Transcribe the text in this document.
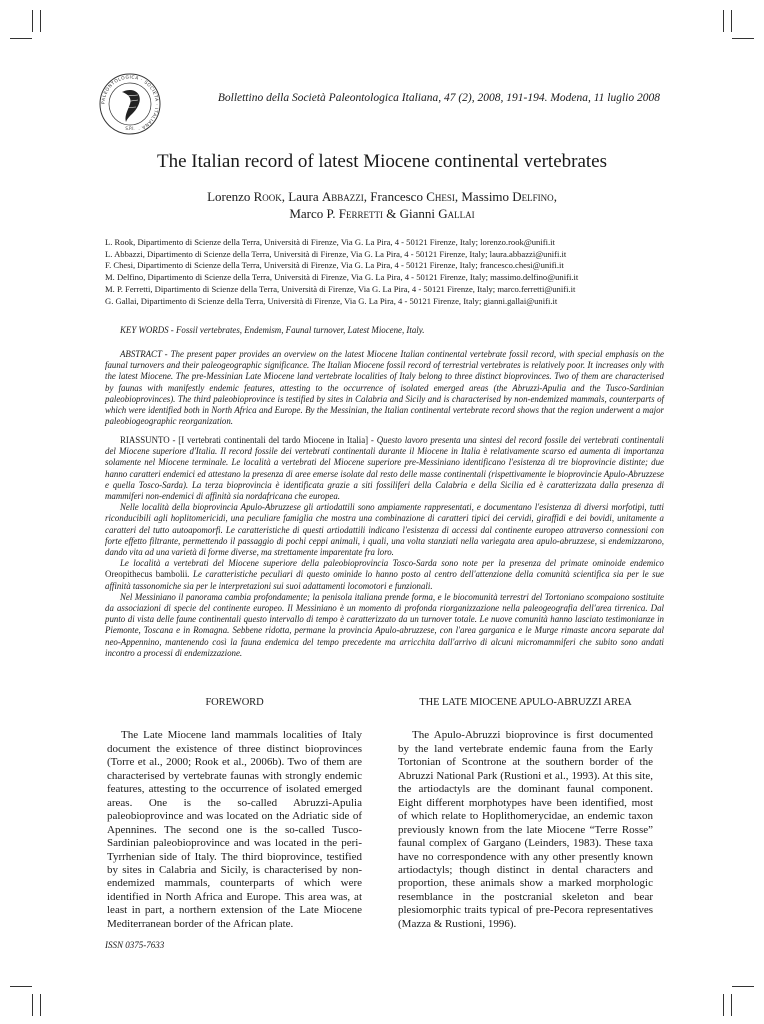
PALEONTOLOGICA · SOCIETA · ITALIANA ·
S.P.I.
Bollettino della Società Paleontologica Italiana, 47 (2), 2008, 191-194. Modena, 11 luglio 2008
The Italian record of latest Miocene continental vertebrates
Lorenzo Rook, Laura Abbazzi, Francesco Chesi, Massimo Delfino,
Marco P. Ferretti & Gianni Gallai
L. Rook, Dipartimento di Scienze della Terra, Università di Firenze, Via G. La Pira, 4 - 50121 Firenze, Italy; lorenzo.rook@unifi.it
L. Abbazzi, Dipartimento di Scienze della Terra, Università di Firenze, Via G. La Pira, 4 - 50121 Firenze, Italy; laura.abbazzi@unifi.it
F. Chesi, Dipartimento di Scienze della Terra, Università di Firenze, Via G. La Pira, 4 - 50121 Firenze, Italy; francesco.chesi@unifi.it
M. Delfino, Dipartimento di Scienze della Terra, Università di Firenze, Via G. La Pira, 4 - 50121 Firenze, Italy; massimo.delfino@unifi.it
M. P. Ferretti, Dipartimento di Scienze della Terra, Università di Firenze, Via G. La Pira, 4 - 50121 Firenze, Italy; marco.ferretti@unifi.it
G. Gallai, Dipartimento di Scienze della Terra, Università di Firenze, Via G. La Pira, 4 - 50121 Firenze, Italy; gianni.gallai@unifi.it

KEY WORDS - Fossil vertebrates, Endemism, Faunal turnover, Latest Miocene, Italy.

ABSTRACT - The present paper provides an overview on the latest Miocene Italian continental vertebrate fossil record, with special emphasis on the faunal turnovers and their paleogeographic significance. The Italian Miocene fossil record of terrestrial vertebrates is relatively poor. It increases only with the latest Miocene. The pre-Messinian Late Miocene land vertebrate localities of Italy belong to three distinct bioprovinces. Two of them are characterised by faunas with manifestly endemic features, attesting to the occurrence of isolated emerged areas (the Abruzzi-Apulia and the Tusco-Sardinian paleobioprovinces). The third paleobioprovince is testified by sites in Calabria and Sicily and is characterised by non-endemized mammals, counterparts of which were identified both in North Africa and Europe. By the Messinian, the Italian continental vertebrate record shows that the region underwent a major paleobiogeographic reorganization.

RIASSUNTO - [I vertebrati continentali del tardo Miocene in Italia] - Questo lavoro presenta una sintesi del record fossile dei vertebrati continentali del Miocene superiore d'Italia. Il record fossile dei vertebrati continentali durante il Miocene in Italia è relativamente scarso ed aumenta di importanza solamente nel Miocene terminale. Le località a vertebrati del Miocene superiore pre-Messiniano identificano l'esistenza di tre bioprovincie distinte; due hanno caratteri endemici ed attestano la presenza di aree emerse isolate dal resto delle masse continentali (rispettivamente le bioprovincie Apulo-Abruzzese e quella Tosco-Sarda). La terza bioprovincia è identificata grazie a siti fossiliferi della Calabria e della Sicilia ed è caratterizzata dalla presenza di mammiferi non-endemici di affinità sia nordafricana che europea.

Nelle località della bioprovincia Apulo-Abruzzese gli artiodattili sono ampiamente rappresentati, e documentano l'esistenza di diversi morfotipi, tutti riconducibili agli hoplitomericidi, una peculiare famiglia che mostra una combinazione di caratteri tipici dei cervidi, giraffidi e dei bovidi, unitamente a caratteri del tutto autoapomorfi. Le caratteristiche di questi artiodattili indicano l'esistenza di accessi dal continente europeo attraverso connessioni con forte effetto filtrante, permettendo il passaggio di pochi ceppi animali, i quali, una volta stanziati nella variegata area apulo-abruzzese, si endemizzarono, dando vita ad una varietà di forme diverse, ma strettamente imparentate fra loro.

Le località a vertebrati del Miocene superiore della paleobioprovincia Tosco-Sarda sono note per la presenza del primate ominoide endemico Oreopithecus bambolii. Le caratteristiche peculiari di questo ominide lo hanno posto al centro dell'attenzione della comunità scientifica sia per le sue affinità tassonomiche sia per le interpretazioni sui suoi adattamenti locomotori e funzionali.

Nel Messiniano il panorama cambia profondamente; la penisola italiana prende forma, e le biocomunità terrestri del Tortoniano scompaiono sostituite da associazioni di specie del continente europeo. Il Messiniano è un momento di profonda riorganizzazione nella paleogeografia dell'area tirrenica. Dal punto di vista delle faune continentali questo intervallo di tempo è caratterizzato da un turnover totale. Le nuove comunità hanno lasciato testimonianze in Piemonte, Toscana e in Romagna. Sebbene ridotta, permane la provincia Apulo-abruzzese, con l'area garganica e le Murge rimaste ancora separate dal neo-Appennino, mantenendo così la fauna endemica del tempo precedente ma arricchita dall'arrivo di alcuni micromammiferi che subito sono andati incontro a processi di endemizzazione.

FOREWORD

The Late Miocene land mammals localities of Italy document the existence of three distinct bioprovinces (Torre et al., 2000; Rook et al., 2006b). Two of them are characterised by vertebrate faunas with strongly endemic features, attesting to the occurrence of isolated emerged areas. One is the so-called Abruzzi-Apulia paleobioprovince and was located on the Adriatic side of Apennines. The second one is the so-called Tusco-Sardinian paleobioprovince and was located in the peri-Tyrrhenian side of Italy. The third bioprovince, testified by sites in Calabria and Sicily, is characterised by non-endemized mammals, counterparts of which were identified in North Africa and Europe. This area was, at least in part, a northern extension of the Late Miocene Mediterranean border of the African plate.

THE LATE MIOCENE APULO-ABRUZZI AREA

The Apulo-Abruzzi bioprovince is first documented by the land vertebrate endemic fauna from the Early Tortonian of Scontrone at the southern border of the Abruzzi National Park (Rustioni et al., 1993). At this site, the artiodactyls are the dominant faunal component. Eight different morphotypes have been identified, most of which relate to Hoplithomerycidae, an endemic taxon previously known from the late Miocene “Terre Rosse” faunal complex of Gargano (Leinders, 1983). These taxa have no correspondence with any other presently known artiodactyls; though distinct in dental characters and proportion, these animals show a marked morphologic resemblance in the postcranial skeleton and bear plesiomorphic traits typical of pre-Pecora representatives (Mazza & Rustioni, 1996).

ISSN 0375-7633
